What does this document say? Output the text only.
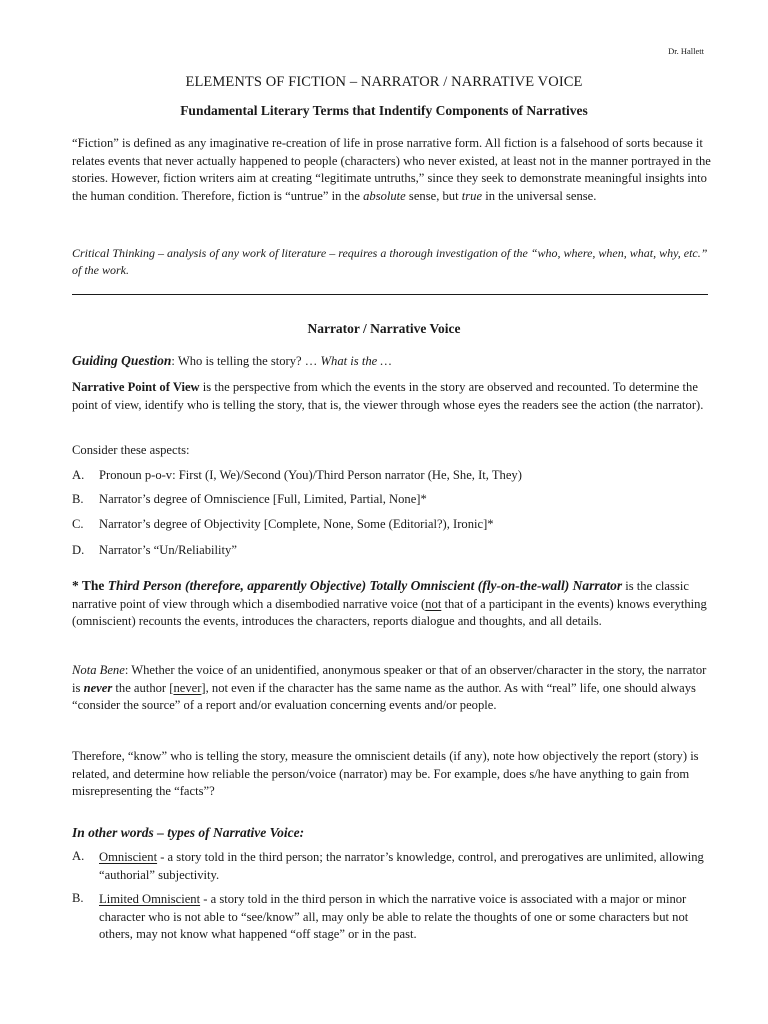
Dr. Hallett
ELEMENTS OF FICTION – NARRATOR / NARRATIVE VOICE
Fundamental Literary Terms that Indentify Components of Narratives
“Fiction” is defined as any imaginative re-creation of life in prose narrative form. All fiction is a falsehood of sorts because it relates events that never actually happened to people (characters) who never existed, at least not in the manner portrayed in the stories. However, fiction writers aim at creating “legitimate untruths,” since they seek to demonstrate meaningful insights into the human condition. Therefore, fiction is “untrue” in the absolute sense, but true in the universal sense.
Critical Thinking – analysis of any work of literature – requires a thorough investigation of the “who, where, when, what, why, etc.” of the work.
Narrator / Narrative Voice
Guiding Question: Who is telling the story? … What is the …
Narrative Point of View is the perspective from which the events in the story are observed and recounted. To determine the point of view, identify who is telling the story, that is, the viewer through whose eyes the readers see the action (the narrator).
Consider these aspects:
A. Pronoun p-o-v: First (I, We)/Second (You)/Third Person narrator (He, She, It, They)
B. Narrator’s degree of Omniscience [Full, Limited, Partial, None]*
C. Narrator’s degree of Objectivity [Complete, None, Some (Editorial?), Ironic]*
D. Narrator’s “Un/Reliability”
* The Third Person (therefore, apparently Objective) Totally Omniscient (fly-on-the-wall) Narrator is the classic narrative point of view through which a disembodied narrative voice (not that of a participant in the events) knows everything (omniscient) recounts the events, introduces the characters, reports dialogue and thoughts, and all details.
Nota Bene: Whether the voice of an unidentified, anonymous speaker or that of an observer/character in the story, the narrator is never the author [never], not even if the character has the same name as the author. As with “real” life, one should always “consider the source” of a report and/or evaluation concerning events and/or people.
Therefore, “know” who is telling the story, measure the omniscient details (if any), note how objectively the report (story) is related, and determine how reliable the person/voice (narrator) may be. For example, does s/he have anything to gain from misrepresenting the “facts”?
In other words – types of Narrative Voice:
A. Omniscient - a story told in the third person; the narrator’s knowledge, control, and prerogatives are unlimited, allowing “authorial” subjectivity.
B. Limited Omniscient - a story told in the third person in which the narrative voice is associated with a major or minor character who is not able to “see/know” all, may only be able to relate the thoughts of one or some characters but not others, may not know what happened “off stage” or in the past.
